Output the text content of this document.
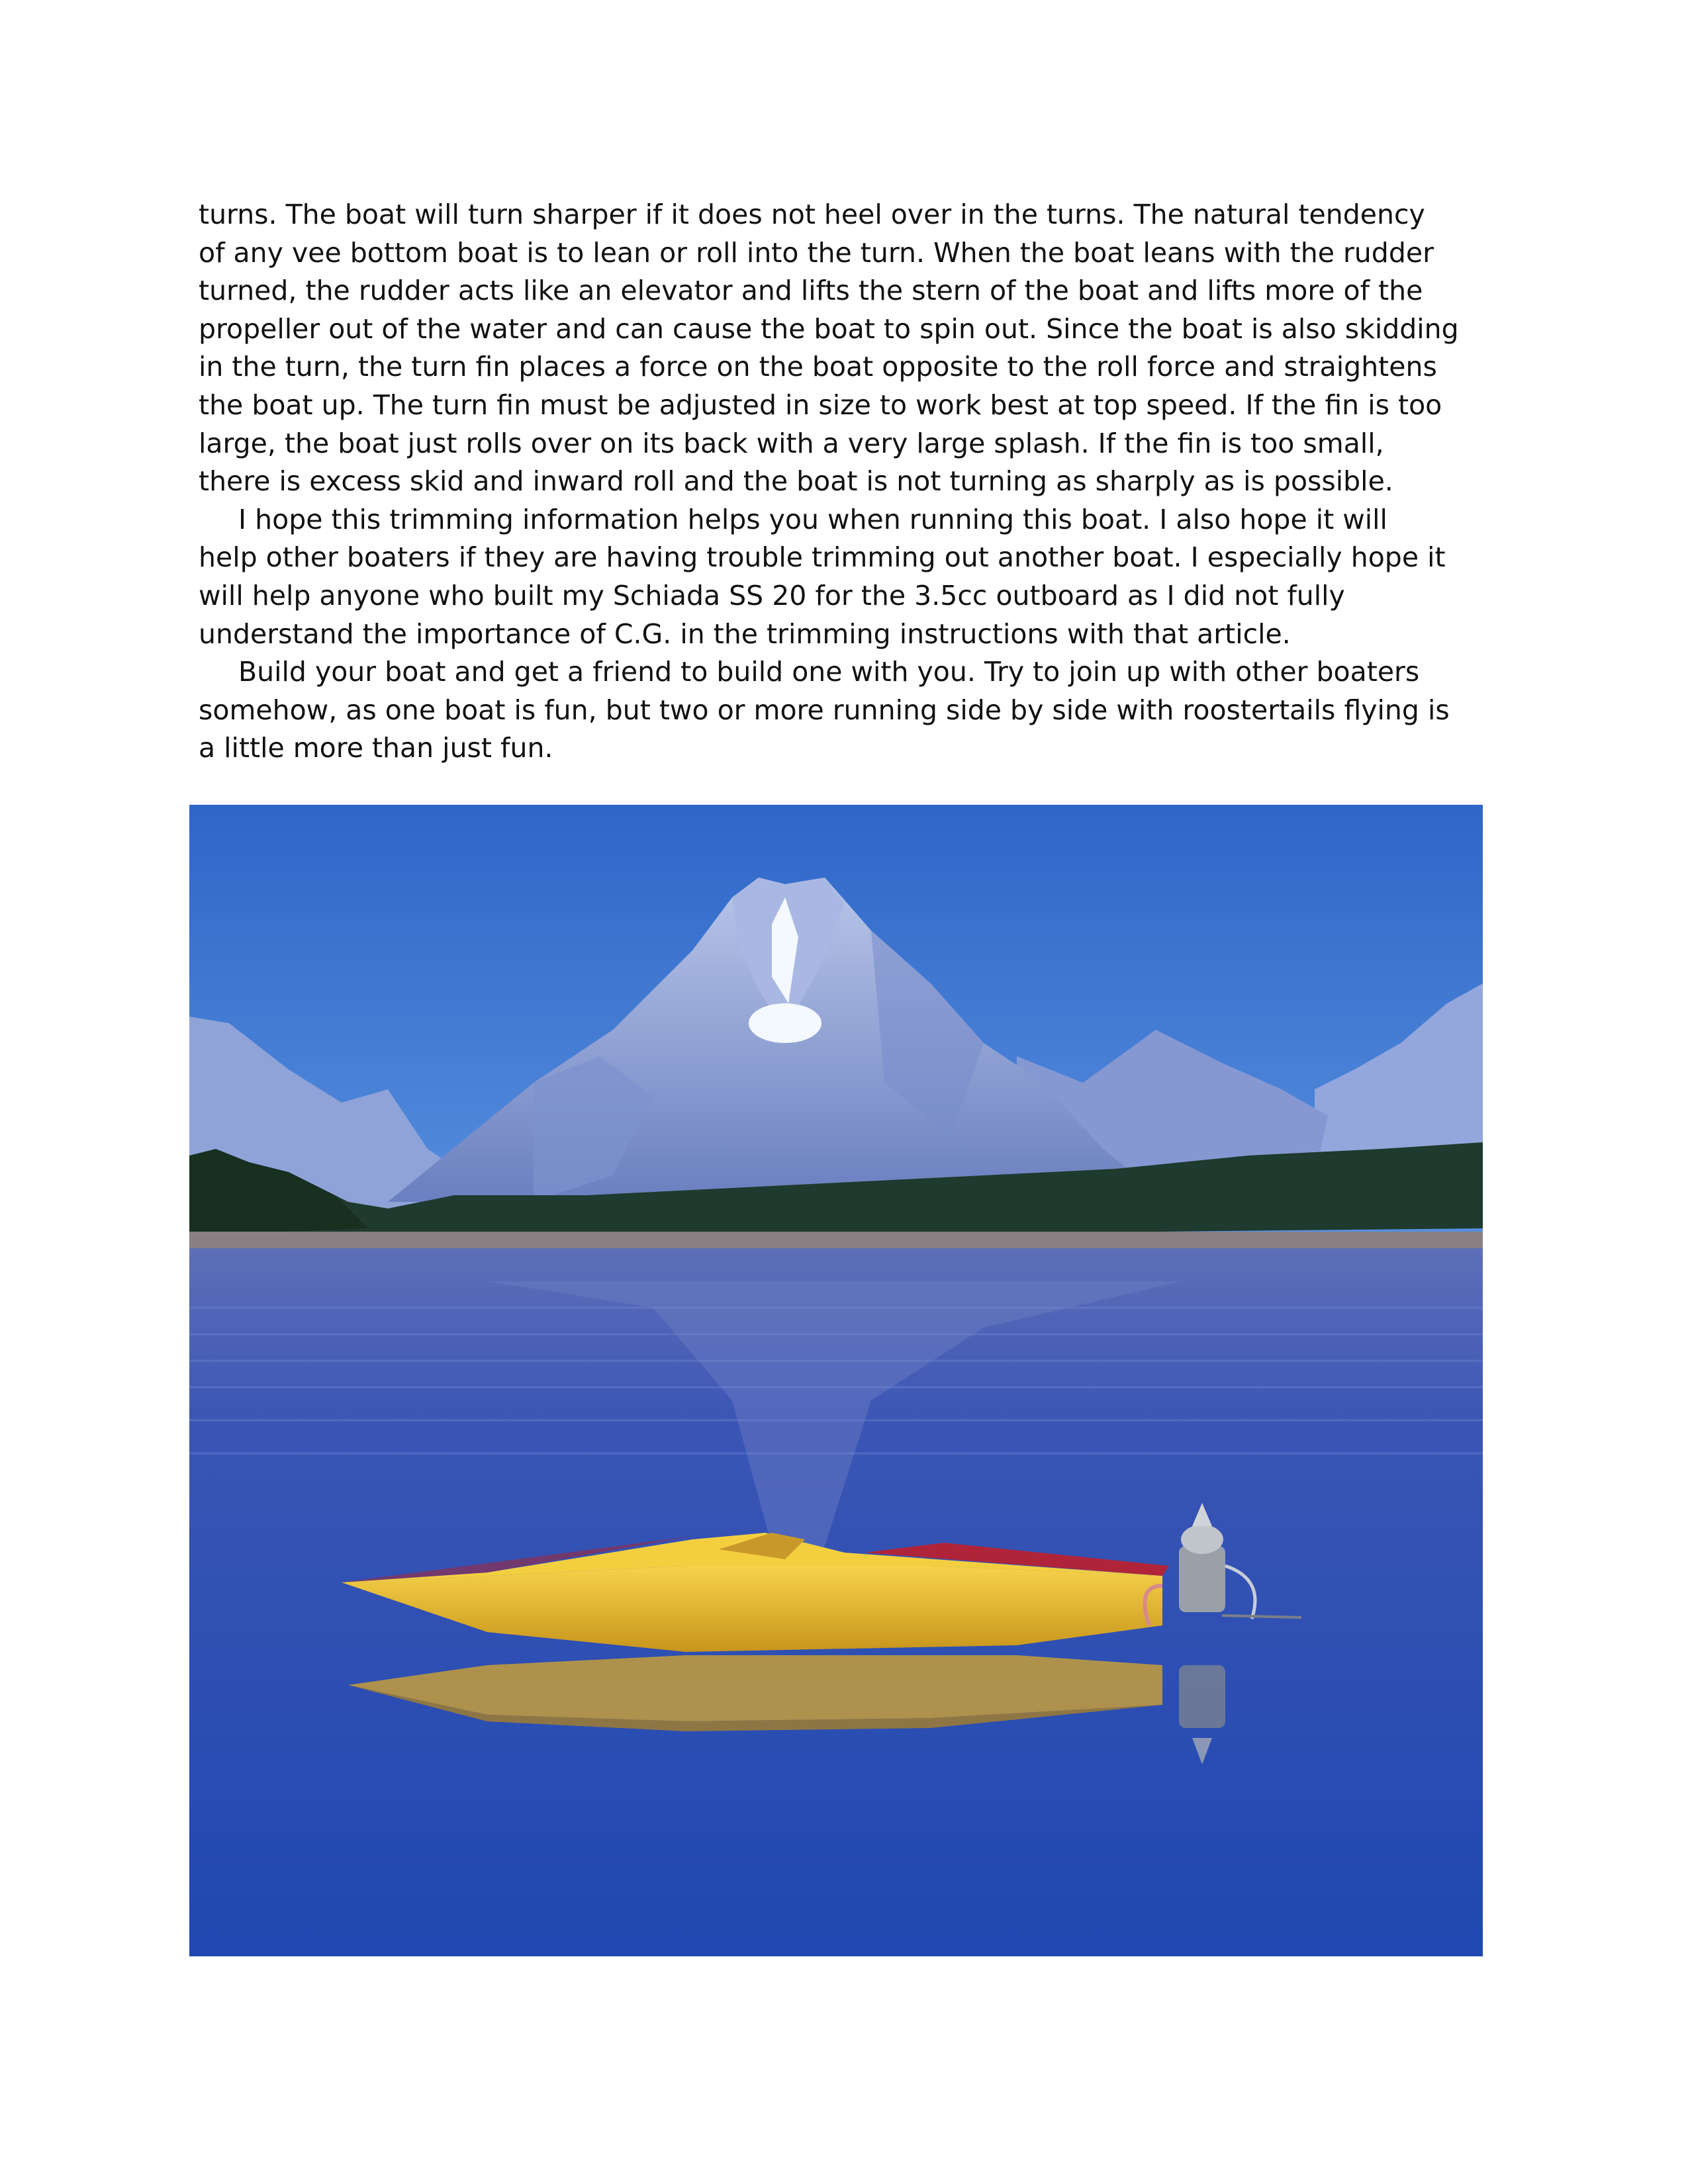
turns. The boat will turn sharper if it does not heel over in the turns. The natural tendency
of any vee bottom boat is to lean or roll into the turn. When the boat leans with the rudder
turned, the rudder acts like an elevator and lifts the stern of the boat and lifts more of the
propeller out of the water and can cause the boat to spin out. Since the boat is also skidding
in the turn, the turn fin places a force on the boat opposite to the roll force and straightens
the boat up. The turn fin must be adjusted in size to work best at top speed. If the fin is too
large, the boat just rolls over on its back with a very large splash. If the fin is too small,
there is excess skid and inward roll and the boat is not turning as sharply as is possible.
I hope this trimming information helps you when running this boat. I also hope it will
help other boaters if they are having trouble trimming out another boat. I especially hope it
will help anyone who built my Schiada SS 20 for the 3.5cc outboard as I did not fully
understand the importance of C.G. in the trimming instructions with that article.
Build your boat and get a friend to build one with you. Try to join up with other boaters
somehow, as one boat is fun, but two or more running side by side with roostertails flying is
a little more than just fun.
